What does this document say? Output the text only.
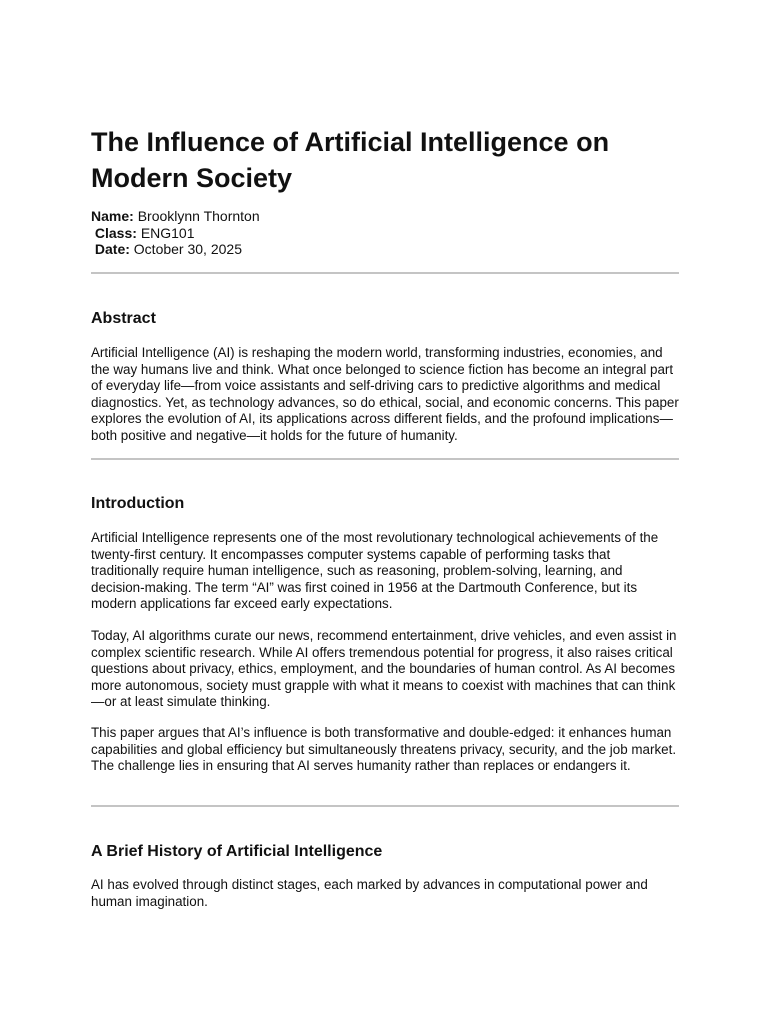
The Influence of Artificial Intelligence on Modern Society
Name: Brooklynn Thornton
Class: ENG101
Date: October 30, 2025
Abstract

Artificial Intelligence (AI) is reshaping the modern world, transforming industries, economies, and the way humans live and think. What once belonged to science fiction has become an integral part of everyday life—from voice assistants and self-driving cars to predictive algorithms and medical diagnostics. Yet, as technology advances, so do ethical, social, and economic concerns. This paper explores the evolution of AI, its applications across different fields, and the profound implications—both positive and negative—it holds for the future of humanity.

Introduction

Artificial Intelligence represents one of the most revolutionary technological achievements of the twenty-first century. It encompasses computer systems capable of performing tasks that traditionally require human intelligence, such as reasoning, problem-solving, learning, and decision-making. The term “AI” was first coined in 1956 at the Dartmouth Conference, but its modern applications far exceed early expectations.

Today, AI algorithms curate our news, recommend entertainment, drive vehicles, and even assist in complex scientific research. While AI offers tremendous potential for progress, it also raises critical questions about privacy, ethics, employment, and the boundaries of human control. As AI becomes more autonomous, society must grapple with what it means to coexist with machines that can think—or at least simulate thinking.

This paper argues that AI’s influence is both transformative and double-edged: it enhances human capabilities and global efficiency but simultaneously threatens privacy, security, and the job market. The challenge lies in ensuring that AI serves humanity rather than replaces or endangers it.

A Brief History of Artificial Intelligence

AI has evolved through distinct stages, each marked by advances in computational power and human imagination.
